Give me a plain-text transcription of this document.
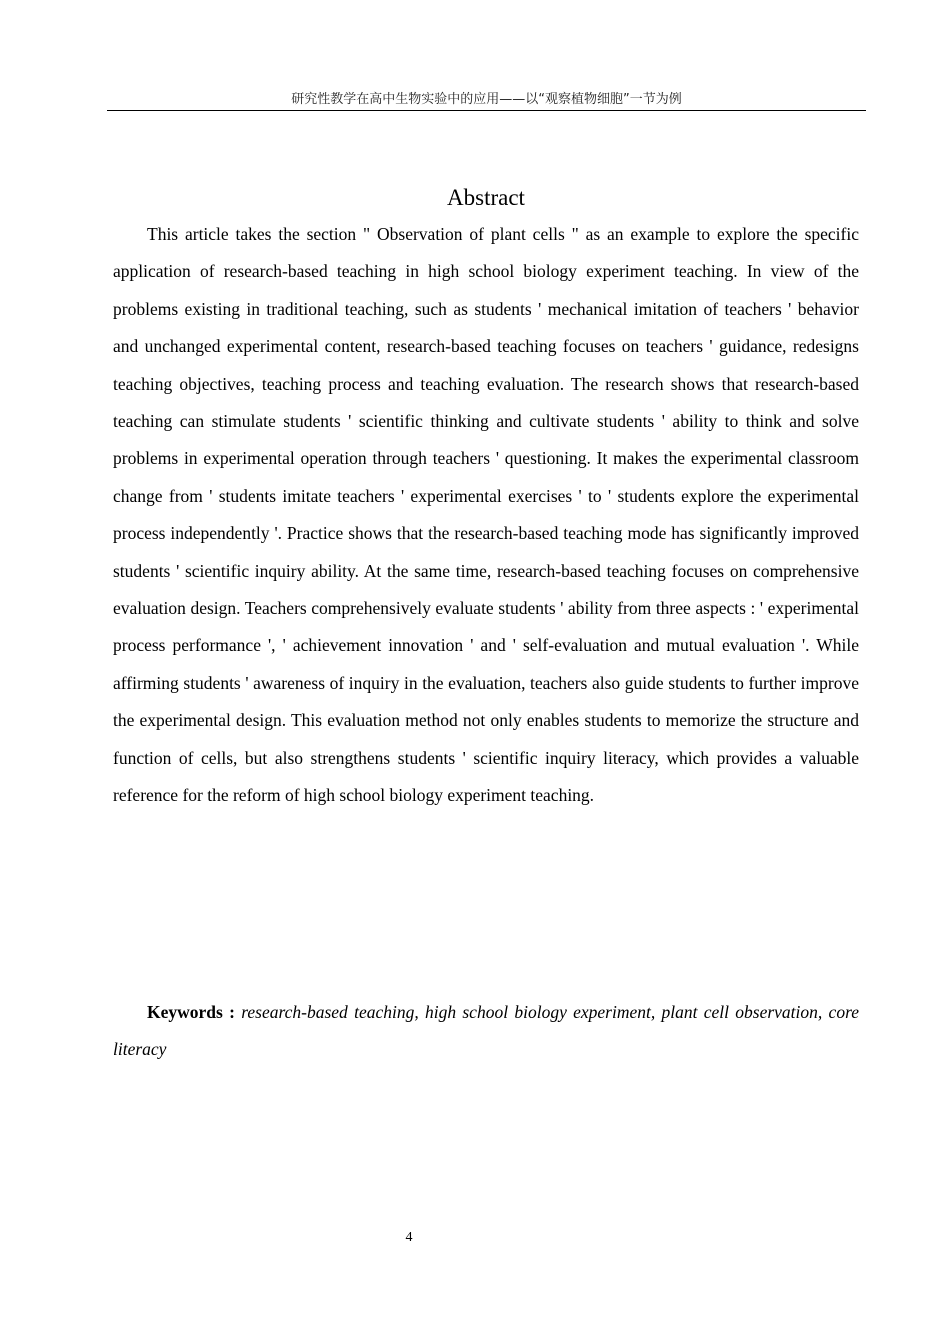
研究性教学在高中生物实验中的应用——以“观察植物细胞”一节为例
Abstract

This article takes the section " Observation of plant cells " as an example to explore the specific application of research-based teaching in high school biology experiment teaching. In view of the problems existing in traditional teaching, such as students ' mechanical imitation of teachers ' behavior and unchanged experimental content, research-based teaching focuses on teachers ' guidance, redesigns teaching objectives, teaching process and teaching evaluation. The research shows that research-based teaching can stimulate students ' scientific thinking and cultivate students ' ability to think and solve problems in experimental operation through teachers ' questioning. It makes the experimental classroom change from ' students imitate teachers ' experimental exercises ' to ' students explore the experimental process independently '. Practice shows that the research-based teaching mode has significantly improved students ' scientific inquiry ability. At the same time, research-based teaching focuses on comprehensive evaluation design. Teachers comprehensively evaluate students ' ability from three aspects : ' experimental process performance ', ' achievement innovation ' and ' self-evaluation and mutual evaluation '. While affirming students ' awareness of inquiry in the evaluation, teachers also guide students to further improve the experimental design. This evaluation method not only enables students to memorize the structure and function of cells, but also strengthens students ' scientific inquiry literacy, which provides a valuable reference for the reform of high school biology experiment teaching.

Keywords : research-based teaching, high school biology experiment, plant cell observation, core literacy

4
